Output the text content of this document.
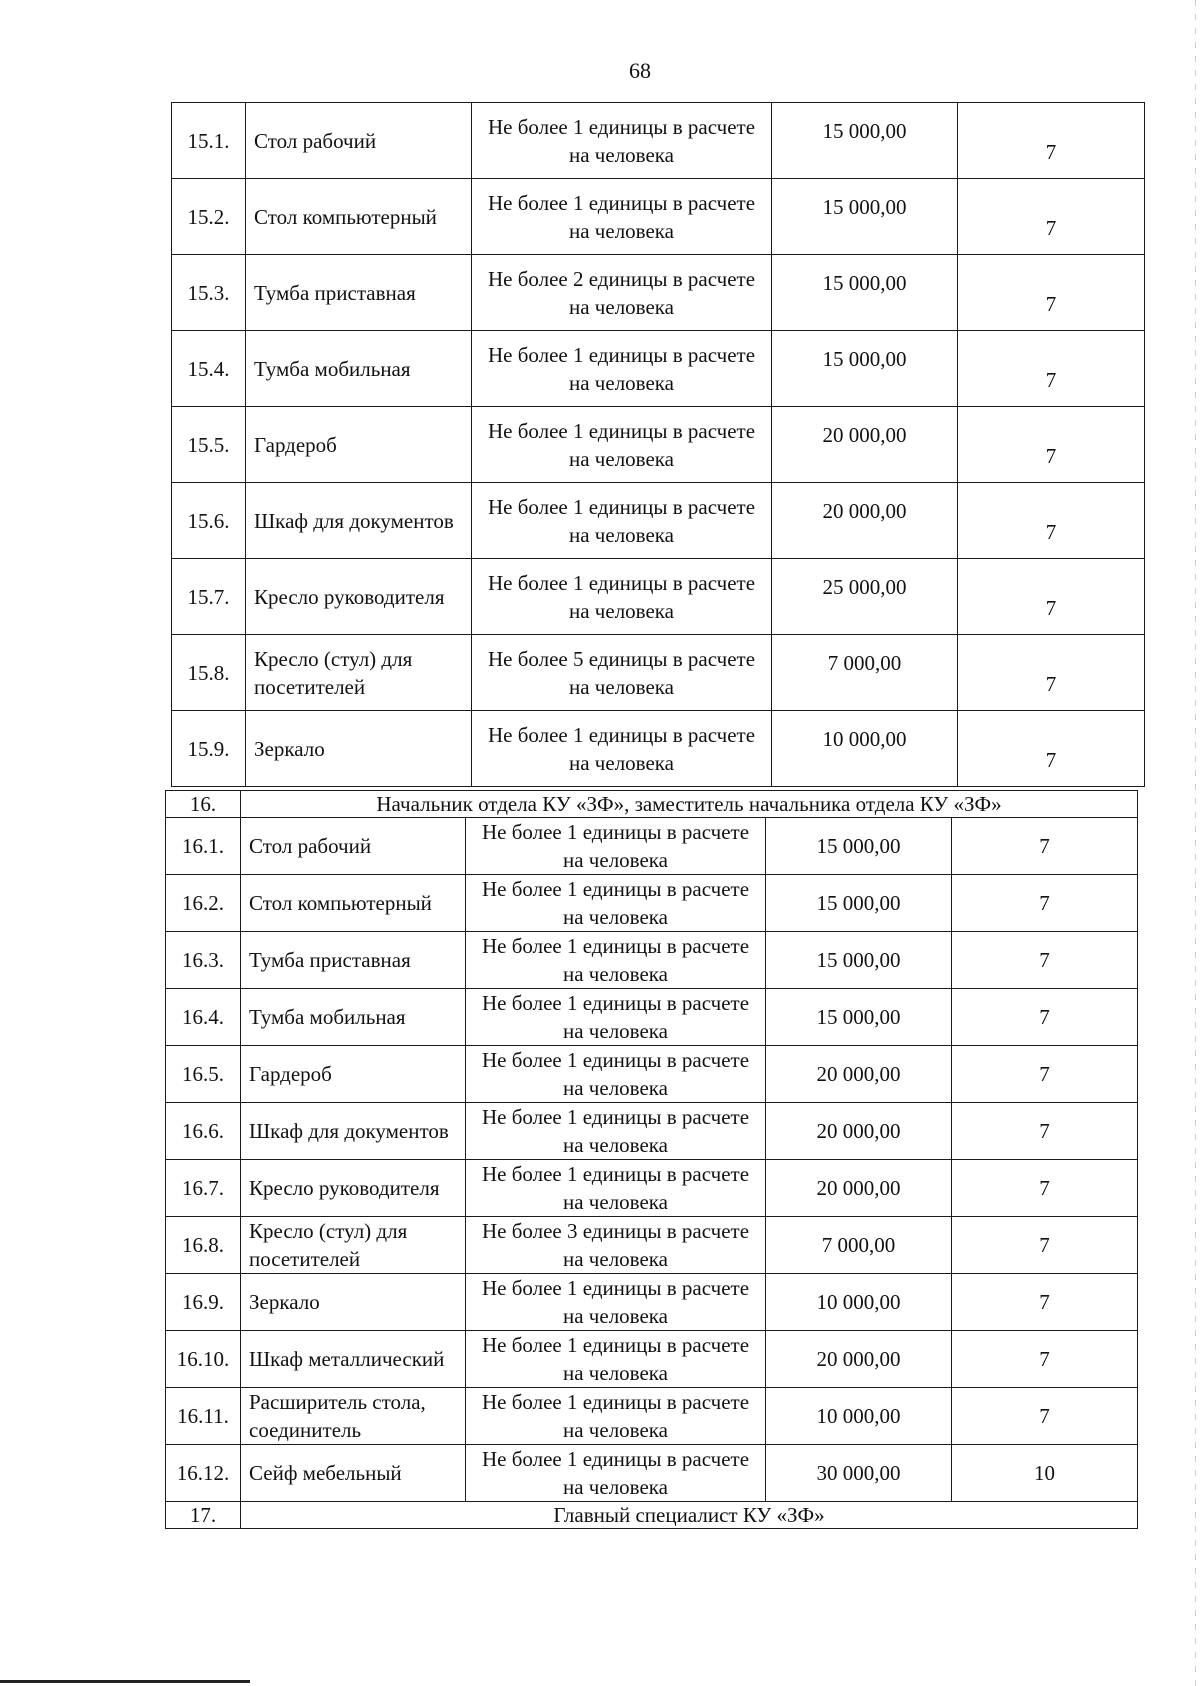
68
15.1.	Стол рабочий	Не более 1 единицы в расчете на человека	15 000,00	7
15.2.	Стол компьютерный	Не более 1 единицы в расчете на человека	15 000,00	7
15.3.	Тумба приставная	Не более 2 единицы в расчете на человека	15 000,00	7
15.4.	Тумба мобильная	Не более 1 единицы в расчете на человека	15 000,00	7
15.5.	Гардероб	Не более 1 единицы в расчете на человека	20 000,00	7
15.6.	Шкаф для документов	Не более 1 единицы в расчете на человека	20 000,00	7
15.7.	Кресло руководителя	Не более 1 единицы в расчете на человека	25 000,00	7
15.8.	Кресло (стул) для посетителей	Не более 5 единицы в расчете на человека	7 000,00	7
15.9.	Зеркало	Не более 1 единицы в расчете на человека	10 000,00	7
16.	Начальник отдела КУ «ЗФ», заместитель начальника отдела КУ «ЗФ»			
16.1.	Стол рабочий	Не более 1 единицы в расчете на человека	15 000,00	7
16.2.	Стол компьютерный	Не более 1 единицы в расчете на человека	15 000,00	7
16.3.	Тумба приставная	Не более 1 единицы в расчете на человека	15 000,00	7
16.4.	Тумба мобильная	Не более 1 единицы в расчете на человека	15 000,00	7
16.5.	Гардероб	Не более 1 единицы в расчете на человека	20 000,00	7
16.6.	Шкаф для документов	Не более 1 единицы в расчете на человека	20 000,00	7
16.7.	Кресло руководителя	Не более 1 единицы в расчете на человека	20 000,00	7
16.8.	Кресло (стул) для посетителей	Не более 3 единицы в расчете на человека	7 000,00	7
16.9.	Зеркало	Не более 1 единицы в расчете на человека	10 000,00	7
16.10.	Шкаф металлический	Не более 1 единицы в расчете на человека	20 000,00	7
16.11.	Расширитель стола, соединитель	Не более 1 единицы в расчете на человека	10 000,00	7
16.12.	Сейф мебельный	Не более 1 единицы в расчете на человека	30 000,00	10
17.	Главный специалист КУ «ЗФ»			
